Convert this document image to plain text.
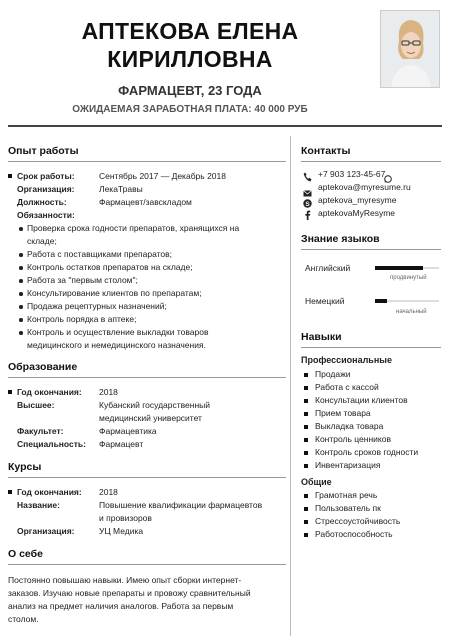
АПТЕКОВА ЕЛЕНА
КИРИЛЛОВНА
ФАРМАЦЕВТ, 23 ГОДА
ОЖИДАЕМАЯ ЗАРАБОТНАЯ ПЛАТА: 40 000 РУБ
Опыт работы
Срок работы:	Сентябрь 2017 — Декабрь 2018
Организация:	ЛекаТравы
Должность:	Фармацевт/завскладом
Обязанности:
Проверка срока годности препаратов, хранящихся на
складе;
Работа с поставщиками препаратов;
Контроль остатков препаратов на складе;
Работа за "первым столом";
Консультирование клиентов по препаратам;
Продажа рецептурных назначений;
Контроль порядка в аптеке;
Контроль и осуществление выкладки товаров
медицинского и немедицинского назначения.
Образование
Год окончания: 2018
Высшее:	Кубанский государственный
медицинский университет
Факультет:	Фармацевтика
Специальность: Фармацевт
Курсы
Год окончания: 2018
Название:	Повышение квалификации фармацевтов
и провизоров
Организация:	УЦ Медика
О себе
Постоянно повышаю навыки. Имею опыт сборки интернет-
заказов. Изучаю новые препараты и провожу сравнительный
анализ на предмет наличия аналогов. Работа за первым
столом.
Контакты
+7 903 123-45-67
aptekova@myresume.ru
S aptekova_myresyme
aptekovaMyResyme
Знание языков
Английский
продвинутый
Немецкий
начальный
Навыки
Профессиональные
Продажи
Работа с кассой
Консультации клиентов
Прием товара
Выкладка товара
Контроль ценников
Контроль сроков годности
Инвентаризация
Общие
Грамотная речь
Пользователь пк
Стрессоустойчивость
Работоспособность
